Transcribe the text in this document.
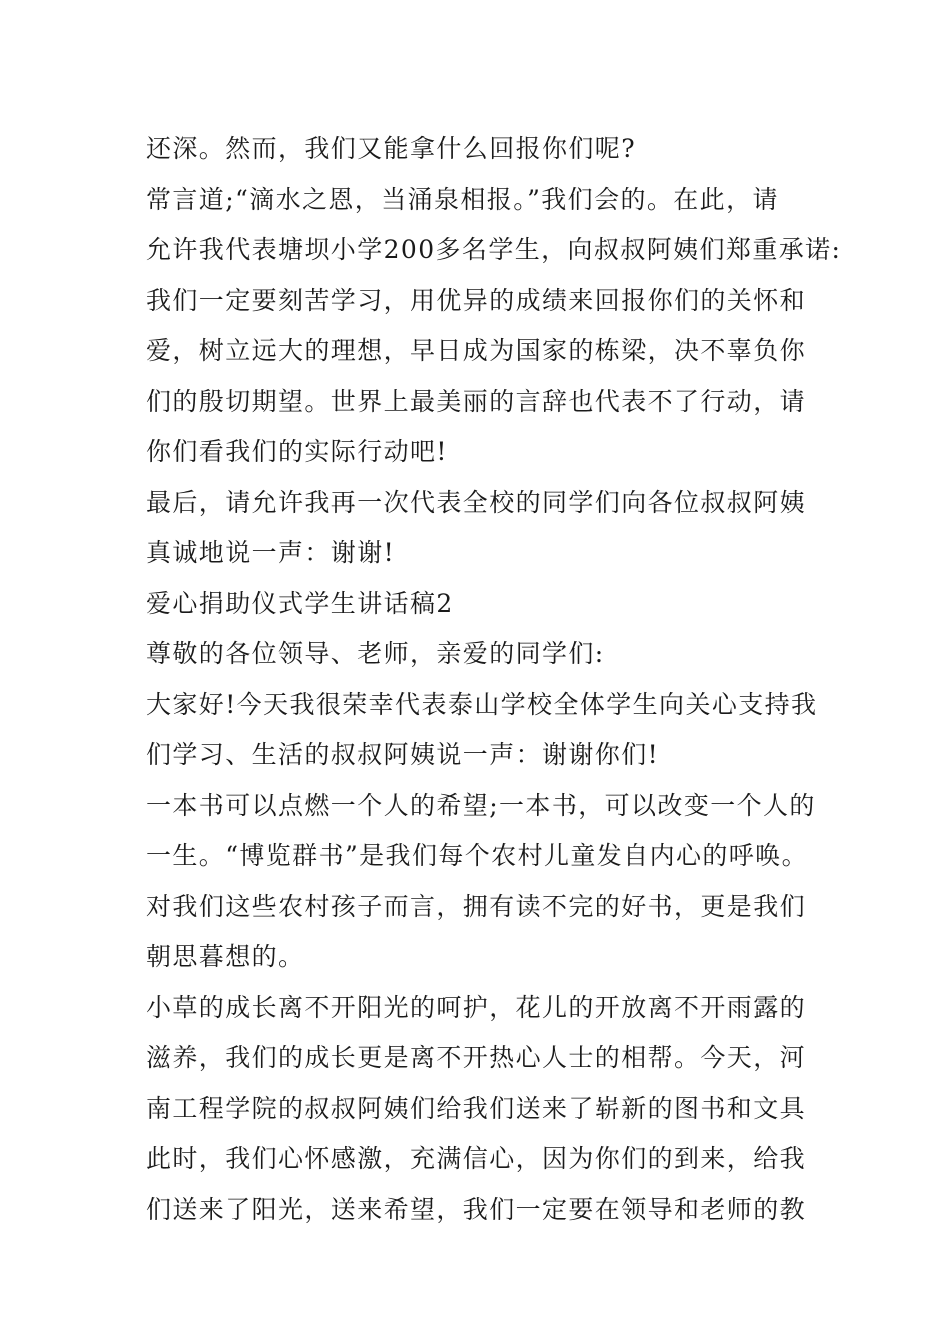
还深。然而，我们又能拿什么回报你们呢?
常言道;“滴水之恩，当涌泉相报。”我们会的。在此，请
允许我代表塘坝小学200多名学生，向叔叔阿姨们郑重承诺:
我们一定要刻苦学习，用优异的成绩来回报你们的关怀和
爱，树立远大的理想，早日成为国家的栋梁，决不辜负你
们的殷切期望。世界上最美丽的言辞也代表不了行动，请
你们看我们的实际行动吧!
最后，请允许我再一次代表全校的同学们向各位叔叔阿姨
真诚地说一声：谢谢!
爱心捐助仪式学生讲话稿2
尊敬的各位领导、老师，亲爱的同学们:
大家好!今天我很荣幸代表泰山学校全体学生向关心支持我
们学习、生活的叔叔阿姨说一声：谢谢你们!
一本书可以点燃一个人的希望;一本书，可以改变一个人的
一生。“博览群书”是我们每个农村儿童发自内心的呼唤。
对我们这些农村孩子而言，拥有读不完的好书，更是我们
朝思暮想的。
小草的成长离不开阳光的呵护，花儿的开放离不开雨露的
滋养，我们的成长更是离不开热心人士的相帮。今天，河
南工程学院的叔叔阿姨们给我们送来了崭新的图书和文具
此时，我们心怀感激，充满信心，因为你们的到来，给我
们送来了阳光，送来希望，我们一定要在领导和老师的教
